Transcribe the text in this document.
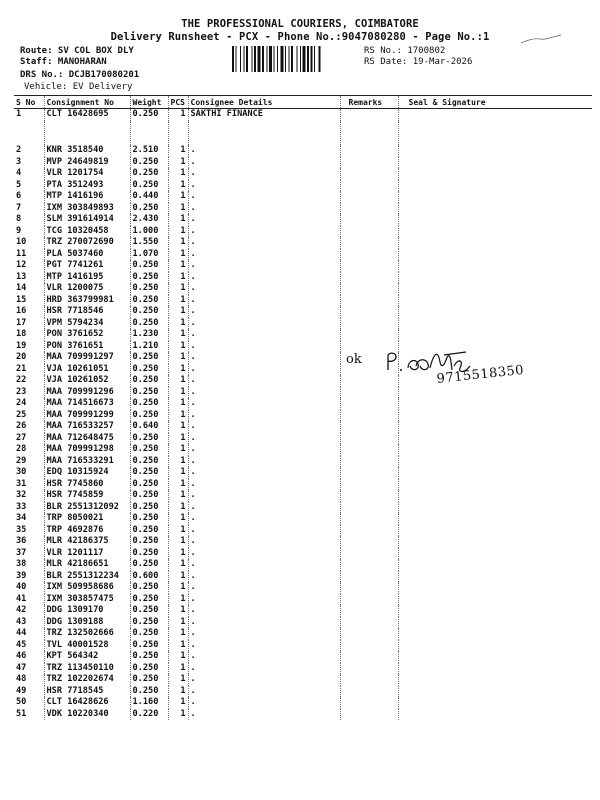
THE PROFESSIONAL COURIERS, COIMBATORE
Delivery Runsheet - PCX - Phone No.:9047080280 - Page No.:1
Route: SV COL BOX DLY
Staff: MANOHARAN
DRS No.: DCJB170080201
Vehicle: EV Delivery
RS No.: 1700802
RS Date: 19-Mar-2026
S No	Consignment No	Weight	PCS	Consignee Details	Remarks	Seal & Signature
1	CLT 16428695	0.250	1	SAKTHI FINANCE		

2	KNR 3518540	2.510	1	.		
3	MVP 24649819	0.250	1	.		
4	VLR 1201754	0.250	1	.		
5	PTA 3512493	0.250	1	.		
6	MTP 1416196	0.440	1	.		
7	IXM 303849893	0.250	1	.		
8	SLM 391614914	2.430	1	.		
9	TCG 10320458	1.000	1	.		
10	TRZ 270072690	1.550	1	.		
11	PLA 5037460	1.070	1	.		
12	PGT 7741261	0.250	1	.		
13	MTP 1416195	0.250	1	.		
14	VLR 1200075	0.250	1	.		
15	HRD 363799981	0.250	1	.		
16	HSR 7718546	0.250	1	.		
17	VPM 5794234	0.250	1	.		
18	PON 3761652	1.230	1	.		
19	PON 3761651	1.210	1	.		
20	MAA 709991297	0.250	1	.		
21	VJA 10261051	0.250	1	.		
22	VJA 10261052	0.250	1	.		
23	MAA 709991296	0.250	1	.		
24	MAA 714516673	0.250	1	.		
25	MAA 709991299	0.250	1	.		
26	MAA 716533257	0.640	1	.		
27	MAA 712648475	0.250	1	.		
28	MAA 709991298	0.250	1	.		
29	MAA 716533291	0.250	1	.		
30	EDQ 10315924	0.250	1	.		
31	HSR 7745860	0.250	1	.		
32	HSR 7745859	0.250	1	.		
33	BLR 2551312092	0.250	1	.		
34	TRP 8050021	0.250	1	.		
35	TRP 4692876	0.250	1	.		
36	MLR 42186375	0.250	1	.		
37	VLR 1201117	0.250	1	.		
38	MLR 42186651	0.250	1	.		
39	BLR 2551312234	0.600	1	.		
40	IXM 509958686	0.250	1	.		
41	IXM 303857475	0.250	1	.		
42	DDG 1309170	0.250	1	.		
43	DDG 1309188	0.250	1	.		
44	TRZ 132502666	0.250	1	.		
45	TVL 40001528	0.250	1	.		
46	KPT 564342	0.250	1	.		
47	TRZ 113450110	0.250	1	.		
48	TRZ 102202674	0.250	1	.		
49	HSR 7718545	0.250	1	.		
50	CLT 16428626	1.160	1	.		
51	VDK 10220340	0.220	1	.		
ok
9715518350
